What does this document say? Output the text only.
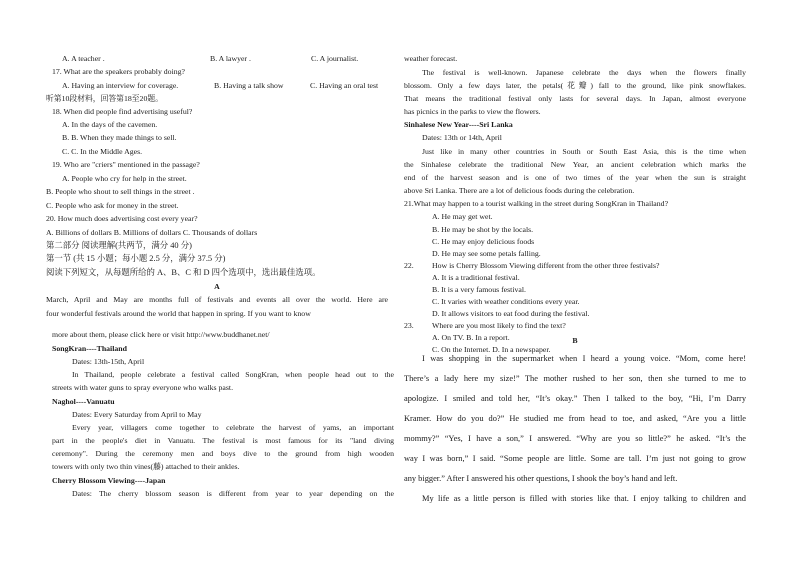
A. A teacher .	B. A lawyer .	C. A journalist.
17. What are the speakers probably doing?
A. Having an interview for coverage.	B. Having a talk show	C. Having an oral test
听第10段材料，回答第18至20题。
18. When did people find advertising useful?
A. In the days of the cavemen.
B. B. When they made things to sell.
C. C. In the Middle Ages.
19. Who are "criers" mentioned in the passage?
A. People who cry for help in the street.
B. People who shout to sell things in the street .
C. People who ask for money in the street.
20. How much does advertising cost every year?
A. Billions of dollars B. Millions of dollars C. Thousands of dollars
第二部分 阅读理解(共两节，满分 40 分)
第一节 (共 15 小题；每小题 2.5 分，满分 37.5 分)
阅读下列短文，从每题所给的 A、B、C 和 D 四个选项中，选出最佳选项。
A
March, April and May are months full of festivals and events all over the world. Here are
four wonderful festivals around the world that happen in spring. If you want to know
more about them, please click here or visit http://www.buddhanet.net/
SongKran----Thailand
Dates: 13th-15th, April
In Thailand, people celebrate a festival called SongKran, when people head out to the
streets with water guns to spray everyone who walks past.
Naghol----Vanuatu
Dates: Every Saturday from April to May
Every year, villagers come together to celebrate the harvest of yams, an important
part in the people's diet in Vanuatu. The festival is most famous for its "land diving
ceremony". During the ceremony men and boys dive to the ground from high wooden
towers with only two thin vines(藤) attached to their ankles.
Cherry Blossom Viewing----Japan
Dates: The cherry blossom season is different from year to year depending on the
weather forecast.
The festival is well-known. Japanese celebrate the days when the flowers finally
blossom. Only a few days later, the petals(花瓣) fall to the ground, like pink snowflakes.
That means the traditional festival only lasts for several days. In Japan, almost everyone
has picnics in the parks to view the flowers.
Sinhalese New Year----Sri Lanka
Dates: 13th or 14th, April
Just like in many other countries in South or South East Asia, this is the time when
the Sinhalese celebrate the traditional New Year, an ancient celebration which marks the
end of the harvest season and is one of two times of the year when the sun is straight
above Sri Lanka. There are a lot of delicious foods during the celebration.
21.What may happen to a tourist walking in the street during SongKran in Thailand?
A. He may get wet.
B. He may be shot by the locals.
C. He may enjoy delicious foods
D. He may see some petals falling.
22.	How is Cherry Blossom Viewing different from the other three festivals?
A. It is a traditional festival.
B. It is a very famous festival.
C. It varies with weather conditions every year.
D. It allows visitors to eat food during the festival.
23.	Where are you most likely to find the text?
A. On TV. B. In a report.
C. On the Internet. D. In a newspaper.
B
I was shopping in the supermarket when I heard a young voice. “Mom, come here!
There’s a lady here my size!” The mother rushed to her son, then she turned to me to
apologize. I smiled and told her, “It’s okay.” Then I talked to the boy, “Hi, I’m Darry
Kramer. How do you do?” He studied me from head to toe, and asked, “Are you a little
mommy?” “Yes, I have a son,” I answered. “Why are you so little?” he asked. “It’s the
way I was born,” I said. “Some people are little. Some are tall. I’m just not going to grow
any bigger.” After I answered his other questions, I shook the boy’s hand and left.
My life as a little person is filled with stories like that. I enjoy talking to children and
